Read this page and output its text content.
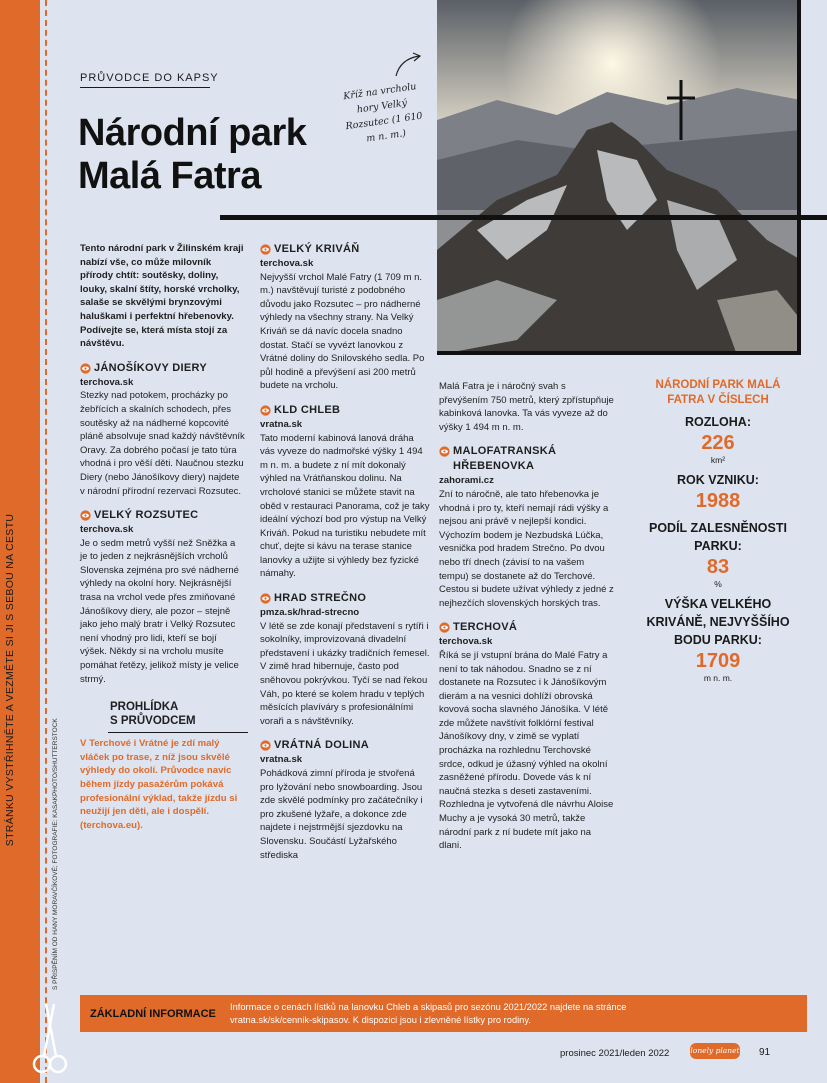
STRÁNKU VYSTŘIHNĚTE A VEZMĚTE SI JI S SEBOU NA CESTU
S PŘISPĚNÍM OD HANY MORAVČÍKOVÉ; FOTOGRAFIE: KASAKPHOTO/SHUTTERSTOCK
PRŮVODCE DO KAPSY
Národní park
Malá Fatra
Kříž na vrcholu hory Velký Rozsutec (1 610 m n. m.)

Tento národní park v Žilinském kraji nabízí vše, co může milovník přírody chtít: soutěsky, doliny, louky, skalní štíty, horské vrcholky, salaše se skvělými brynzovými haluškami i perfektní hřebenovky. Podívejte se, která místa stojí za návštěvu.

JÁNOŠÍKOVY DIERY
terchova.sk

Stezky nad potokem, procházky po žebřících a skalních schodech, přes soutěsky až na nádherné kopcovité pláně absolvuje snad každý návštěvník Oravy. Za dobrého počasí je tato túra vhodná i pro věší děti. Naučnou stezku Diery (nebo Jánošíkovy diery) najdete v národní přírodní rezervaci Rozsutec.

VELKÝ ROZSUTEC
terchova.sk

Je o sedm metrů vyšší než Sněžka a je to jeden z nejkrásnějších vrcholů Slovenska zejména pro své nádherné výhledy na okolní hory. Nejkrásnější trasa na vrchol vede přes zmiňované Jánošíkovy diery, ale pozor – stejně jako jeho malý bratr i Velký Rozsutec není vhodný pro lidi, kteří se bojí výšek. Někdy si na vrcholu musíte pomáhat řetězy, jelikož místy je velice strmý.

PROHLÍDKA
S PRŮVODCEM

V Terchové i Vrátné je zdí malý vláček po trase, z níž jsou skvělé výhledy do okolí. Průvodce navíc během jízdy pasažérům pokává profesionální výklad, takže jízdu si neužijí jen děti, ale i dospělí. (terchova.eu).

VELKÝ KRIVÁŇ
terchova.sk

Nejvyšší vrchol Malé Fatry (1 709 m n. m.) navštěvují turisté z podobného důvodu jako Rozsutec – pro nádherné výhledy na všechny strany. Na Velký Kriváň se dá navíc docela snadno dostat. Stačí se vyvézt lanovkou z Vrátné doliny do Snilovského sedla. Po půl hodině a převýšení asi 200 metrů budete na vrcholu.

KLD CHLEB
vratna.sk

Tato moderní kabinová lanová dráha vás vyveze do nadmořské výšky 1 494 m n. m. a budete z ní mít dokonalý výhled na Vrátňanskou dolinu. Na vrcholové stanici se můžete stavit na oběd v restauraci Panorama, což je taky ideální výchozí bod pro výstup na Velký Kriváň. Pokud na turistiku nebudete mít chuť, dejte si kávu na terase stanice lanovky a užijte si výhledy bez fyzické námahy.

HRAD STREČNO
pmza.sk/hrad-strecno

V létě se zde konají představení s rytíři i sokolníky, improvizovaná divadelní představení i ukázky tradičních řemesel. V zimě hrad hibernuje, často pod sněhovou pokrývkou. Tyčí se nad řekou Váh, po které se kolem hradu v teplých měsících plavíváry s profesionálními voraři a s návštěvníky.

VRÁTNÁ DOLINA
vratna.sk

Pohádková zimní příroda je stvořená pro lyžování nebo snowboarding. Jsou zde skvělé podmínky pro začátečníky i pro zkušené lyžaře, a dokonce zde najdete i nejstrmější sjezdovku na Slovensku. Součástí Lyžařského střediska

Malá Fatra je i náročný svah s převýšením 750 metrů, který zpřístupňuje kabinková lanovka. Ta vás vyveze až do výšky 1 494 m n. m.

MALOFATRANSKÁ HŘEBENOVKA
zahorami.cz

Zní to náročně, ale tato hřebenovka je vhodná i pro ty, kteří nemají rádi výšky a nejsou ani právě v nejlepší kondici. Výchozím bodem je Nezbudská Lúčka, vesnička pod hradem Strečno. Po dvou nebo tří dnech (závisí to na vašem tempu) se dostanete až do Terchové. Cestou si budete užívat výhledy z jedné z nejhezčích slovenských horských tras.

TERCHOVÁ
terchova.sk

Říká se jí vstupní brána do Malé Fatry a není to tak náhodou. Snadno se z ní dostanete na Rozsutec i k Jánošíkovým dierám a na vesnici dohlíží obrovská kovová socha slavného Jánošíka. V létě zde můžete navštívit folklórní festival Jánošíkovy dny, v zimě se vyplatí procházka na rozhlednu Terchovské srdce, odkud je úžasný výhled na okolní zasněžené přírodu. Dovede vás k ní naučná stezka s deseti zastaveními. Rozhledna je vytvořená dle návrhu Aloise Muchy a je vysoká 30 metrů, takže národní park z ní budete mít jako na dlani.

NÁRODNÍ PARK MALÁ FATRA V ČÍSLECH
ROZLOHA:
226
km²
ROK VZNIKU:
1988
PODÍL ZALESNĚNOSTI PARKU:
83
%
VÝŠKA VELKÉHO KRIVÁNĚ, NEJVYŠŠÍHO BODU PARKU:
1709
m n. m.
ZÁKLADNÍ INFORMACE
Informace o cenách lístků na lanovku Chleb a skipasů pro sezónu 2021/2022 najdete na stránce vratna.sk/sk/cennik-skipasov. K dispozici jsou i zlevněné lístky pro rodiny.
prosinec 2021/leden 2022	lonely planet 91
